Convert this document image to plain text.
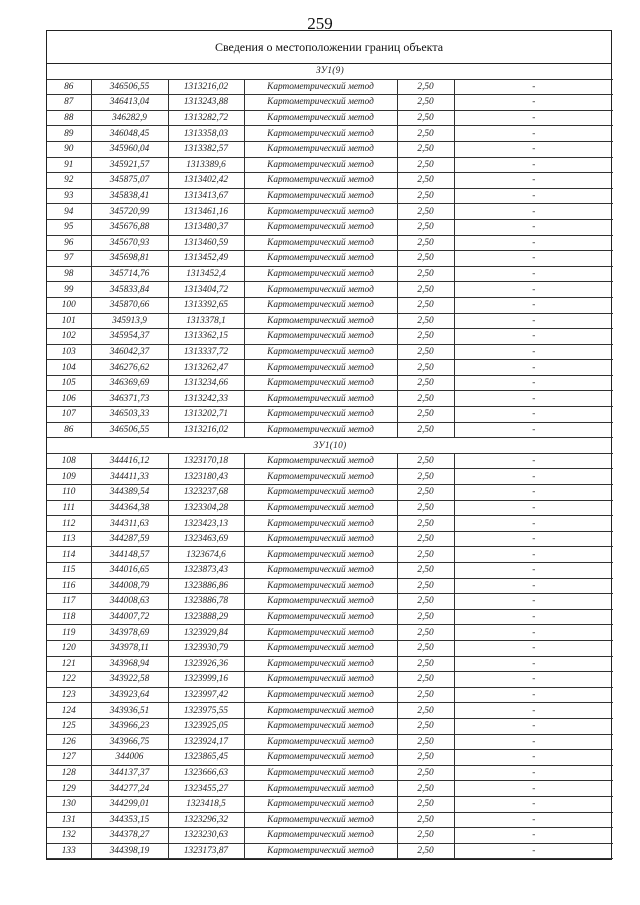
259
Сведения о местоположении границ объекта
ЗУ1(9)					
86	346506,55	1313216,02	Картометрический метод	2,50	-
87	346413,04	1313243,88	Картометрический метод	2,50	-
88	346282,9	1313282,72	Картометрический метод	2,50	-
89	346048,45	1313358,03	Картометрический метод	2,50	-
90	345960,04	1313382,57	Картометрический метод	2,50	-
91	345921,57	1313389,6	Картометрический метод	2,50	-
92	345875,07	1313402,42	Картометрический метод	2,50	-
93	345838,41	1313413,67	Картометрический метод	2,50	-
94	345720,99	1313461,16	Картометрический метод	2,50	-
95	345676,88	1313480,37	Картометрический метод	2,50	-
96	345670,93	1313460,59	Картометрический метод	2,50	-
97	345698,81	1313452,49	Картометрический метод	2,50	-
98	345714,76	1313452,4	Картометрический метод	2,50	-
99	345833,84	1313404,72	Картометрический метод	2,50	-
100	345870,66	1313392,65	Картометрический метод	2,50	-
101	345913,9	1313378,1	Картометрический метод	2,50	-
102	345954,37	1313362,15	Картометрический метод	2,50	-
103	346042,37	1313337,72	Картометрический метод	2,50	-
104	346276,62	1313262,47	Картометрический метод	2,50	-
105	346369,69	1313234,66	Картометрический метод	2,50	-
106	346371,73	1313242,33	Картометрический метод	2,50	-
107	346503,33	1313202,71	Картометрический метод	2,50	-
86	346506,55	1313216,02	Картометрический метод	2,50	-
ЗУ1(10)					
108	344416,12	1323170,18	Картометрический метод	2,50	-
109	344411,33	1323180,43	Картометрический метод	2,50	-
110	344389,54	1323237,68	Картометрический метод	2,50	-
111	344364,38	1323304,28	Картометрический метод	2,50	-
112	344311,63	1323423,13	Картометрический метод	2,50	-
113	344287,59	1323463,69	Картометрический метод	2,50	-
114	344148,57	1323674,6	Картометрический метод	2,50	-
115	344016,65	1323873,43	Картометрический метод	2,50	-
116	344008,79	1323886,86	Картометрический метод	2,50	-
117	344008,63	1323886,78	Картометрический метод	2,50	-
118	344007,72	1323888,29	Картометрический метод	2,50	-
119	343978,69	1323929,84	Картометрический метод	2,50	-
120	343978,11	1323930,79	Картометрический метод	2,50	-
121	343968,94	1323926,36	Картометрический метод	2,50	-
122	343922,58	1323999,16	Картометрический метод	2,50	-
123	343923,64	1323997,42	Картометрический метод	2,50	-
124	343936,51	1323975,55	Картометрический метод	2,50	-
125	343966,23	1323925,05	Картометрический метод	2,50	-
126	343966,75	1323924,17	Картометрический метод	2,50	-
127	344006	1323865,45	Картометрический метод	2,50	-
128	344137,37	1323666,63	Картометрический метод	2,50	-
129	344277,24	1323455,27	Картометрический метод	2,50	-
130	344299,01	1323418,5	Картометрический метод	2,50	-
131	344353,15	1323296,32	Картометрический метод	2,50	-
132	344378,27	1323230,63	Картометрический метод	2,50	-
133	344398,19	1323173,87	Картометрический метод	2,50	-
